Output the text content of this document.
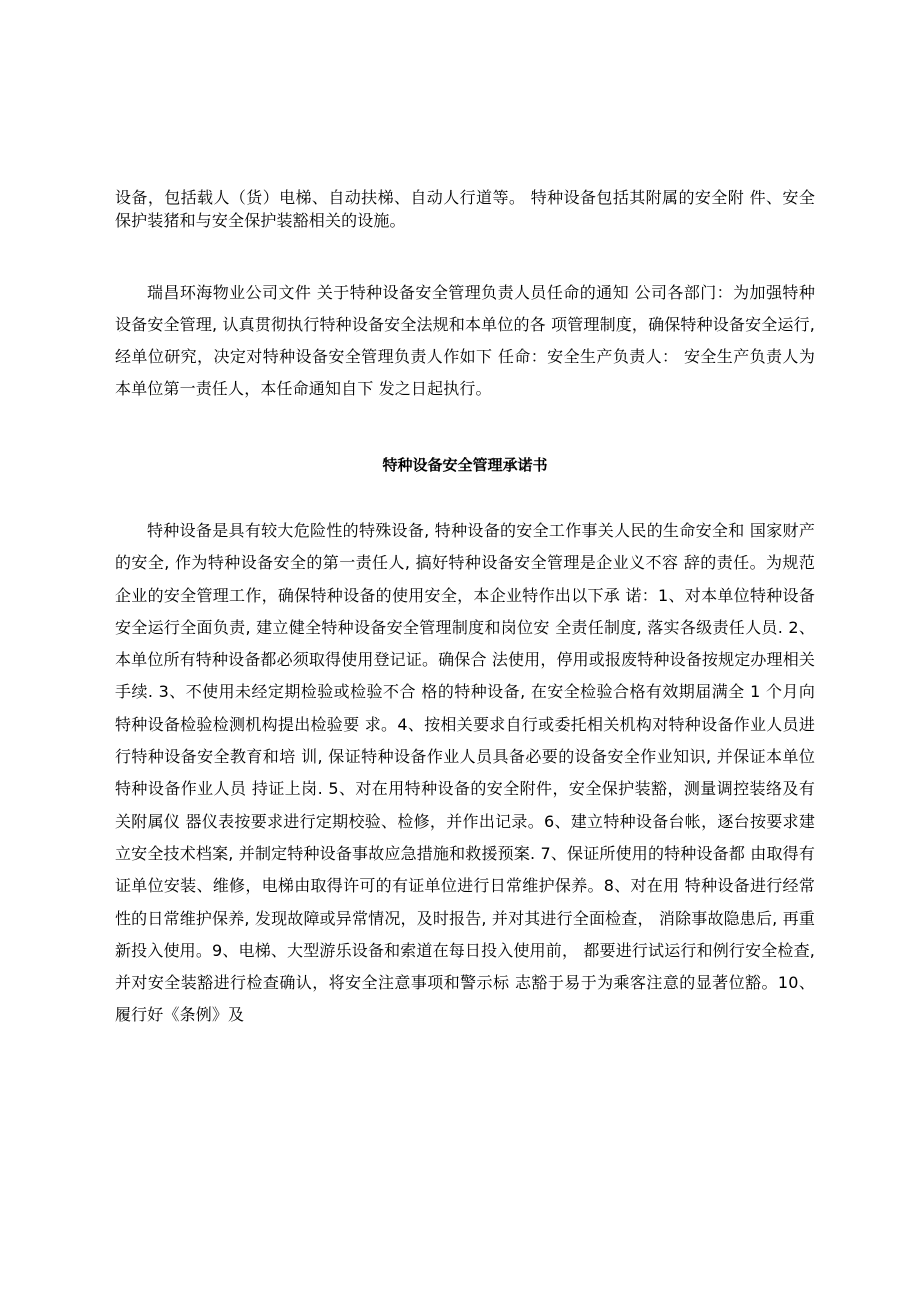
设备，包括载人（货）电梯、自动扶梯、自动人行道等。 特种设备包括其附属的安全附 件、安全保护装猪和与安全保护装豁相关的设施。

瑞昌环海物业公司文件 关于特种设备安全管理负责人员任命的通知 公司各部门：为加强特种设备安全管理, 认真贯彻执行特种设备安全法规和本单位的各 项管理制度，确保特种设备安全运行, 经单位研究，决定对特种设备安全管理负责人作如下 任命：安全生产负责人： 安全生产负责人为本单位第一责任人，本任命通知自下 发之日起执行。

特种设备安全管理承诺书

特种设备是具有较大危险性的特殊设备, 特种设备的安全工作事关人民的生命安全和 国家财产的安全, 作为特种设备安全的第一责任人, 搞好特种设备安全管理是企业义不容 辞的责任。为规范企业的安全管理工作，确保特种设备的使用安全，本企业特作出以下承 诺：1、对本单位特种设备安全运行全面负责, 建立健全特种设备安全管理制度和岗位安 全责任制度, 落实各级责任人员. 2、本单位所有特种设备都必须取得使用登记证。确保合 法使用，停用或报废特种设备按规定办理相关手续. 3、不使用未经定期检验或检验不合 格的特种设备, 在安全检验合格有效期届满全 1 个月向特种设备检验检测机构提出检验要 求。4、按相关要求自行或委托相关机构对特种设备作业人员进行特种设备安全教育和培 训, 保证特种设备作业人员具备必要的设备安全作业知识, 并保证本单位特种设备作业人员 持证上岗. 5、对在用特种设备的安全附件，安全保护装豁，测量调控装络及有关附属仪 器仪表按要求进行定期校验、检修，并作出记录。6、建立特种设备台帐，逐台按要求建 立安全技术档案, 并制定特种设备事故应急措施和救援预案. 7、保证所使用的特种设备都 由取得有证单位安装、维修，电梯由取得许可的有证单位进行日常维护保养。8、对在用 特种设备进行经常性的日常维护保养, 发现故障或异常情况，及时报告, 并对其进行全面检查， 消除事故隐患后, 再重新投入使用。9、电梯、大型游乐设备和索道在每日投入使用前， 都要进行试运行和例行安全检查, 并对安全装豁进行检查确认，将安全注意事项和警示标 志豁于易于为乘客注意的显著位豁。10、履行好《条例》及
